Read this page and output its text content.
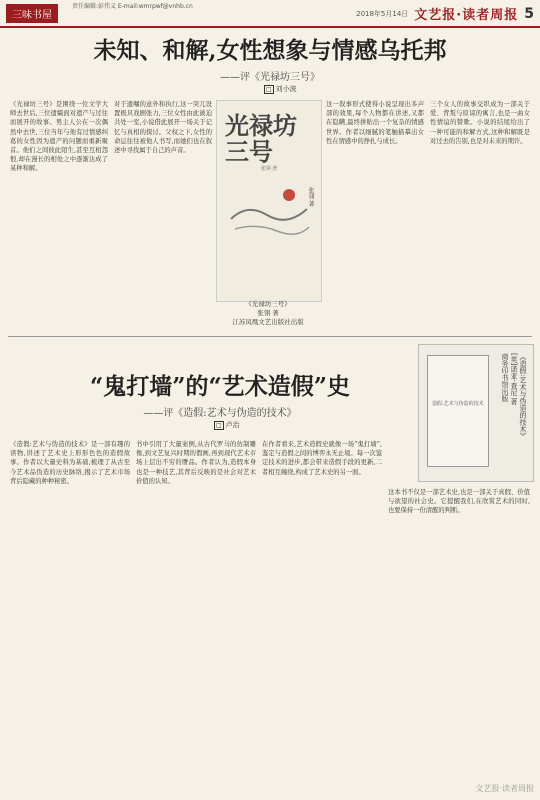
三味书屋
责任编辑:彭伟义 E-mail:wmrpwf@vnhb.cn
2018年5月14日 文艺报·读者周报 5
未知、和解,女性想象与情感乌托邦
——评《光禄坊三号》
□ 刘小波
《光禄坊三号》是围绕一位文学大师去世后,三位遗孀面对遗产与过往而展开的故事。男主人公在一次偶然中去世,三位当年与他有过情感纠葛的女性因为遗产的问题而重新聚首。他们之间彼此陌生,甚至互相怨恨,却在漫长的相处之中逐渐达成了某种和解。
对于遗嘱的意外和执行,这一突兀设置极具戏剧张力,三位女性由此被迫共处一室,小说借此展开一场关于记忆与真相的探讨。父权之下,女性的命运往往被他人书写,而她们也在叙述中寻找属于自己的声音。
光禄坊三号
张翎 著
张翎 著
《光禄坊三号》
张翎 著
江苏凤凰文艺出版社出版
这一叙事形式使得小说呈现出多声部的效果,每个人物都在讲述,又都在隐瞒,最终拼贴出一个复杂的情感世界。作者以细腻的笔触描摹出女性在情感中的挣扎与成长。
三个女人的故事交织成为一部关于爱、背叛与原谅的寓言,也是一曲女性情谊的赞歌。小说的结尾给出了一种可能的和解方式,这种和解既是对过去的告别,也是对未来的期许。
“鬼打墙”的“艺术造假”史
——评《造假:艺术与伪造的技术》
□ 卢治
造假:艺术与伪造的技术	《造假:艺术与伪造的技术》
[英]诺亚·查尼 著
商务印书馆出版
《造假:艺术与伪造的技术》是一部有趣的读物,讲述了艺术史上形形色色的造假故事。作者以大量史料为基础,梳理了从古至今艺术品伪造的历史脉络,揭示了艺术市场背后隐藏的种种秘密。
书中引用了大量案例,从古代罗马的仿制雕像,到文艺复兴时期的假画,再到现代艺术市场上层出不穷的赝品。作者认为,造假本身也是一种技艺,其背后反映的是社会对艺术价值的认知。
在作者看来,艺术造假史就像一场“鬼打墙”,鉴定与造假之间的博弈永无止境。每一次鉴定技术的进步,都会带来造假手段的更新,二者相互缠绕,构成了艺术史的另一面。
这本书不仅是一部艺术史,也是一部关于真假、价值与欲望的社会史。它提醒我们,在欣赏艺术的同时,也要保持一份清醒的判断。
文艺报·读者周报
